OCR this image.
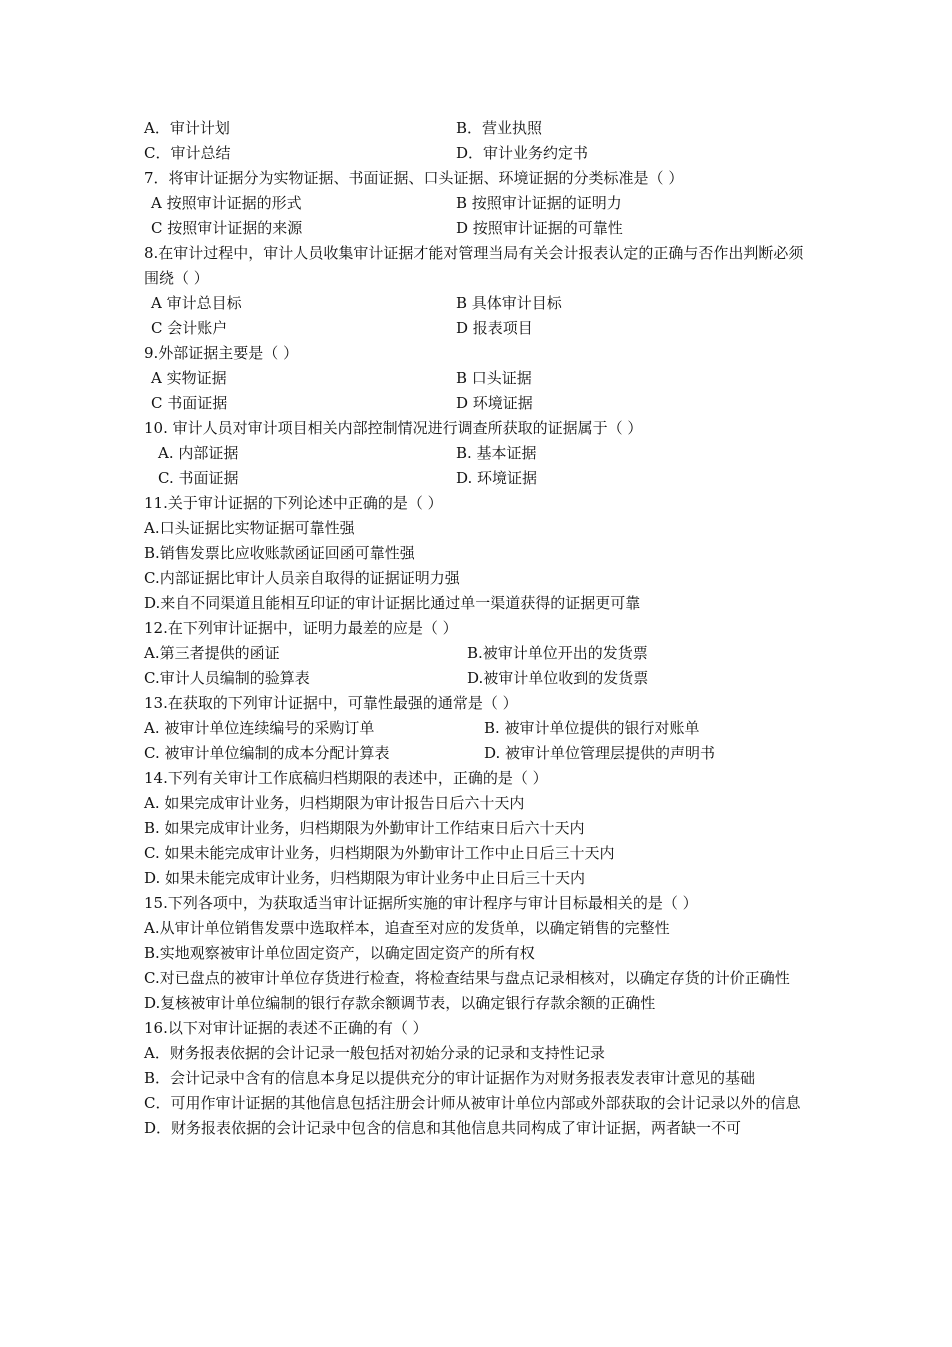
A．审计计划	B．营业执照
C．审计总结	D．审计业务约定书
7．将审计证据分为实物证据、书面证据、口头证据、环境证据的分类标准是（ ）
A 按照审计证据的形式	B 按照审计证据的证明力
C 按照审计证据的来源	D 按照审计证据的可靠性
8.在审计过程中，审计人员收集审计证据才能对管理当局有关会计报表认定的正确与否作出判断必须围绕（ ）
A 审计总目标	B 具体审计目标
C 会计账户	D 报表项目
9.外部证据主要是（ ）
A 实物证据	B 口头证据
C 书面证据	D 环境证据
10. 审计人员对审计项目相关内部控制情况进行调查所获取的证据属于（ ）
A. 内部证据	B. 基本证据
C. 书面证据	D. 环境证据
11.关于审计证据的下列论述中正确的是（ ）
A.口头证据比实物证据可靠性强
B.销售发票比应收账款函证回函可靠性强
C.内部证据比审计人员亲自取得的证据证明力强
D.来自不同渠道且能相互印证的审计证据比通过单一渠道获得的证据更可靠
12.在下列审计证据中，证明力最差的应是（ ）
A.第三者提供的函证	B.被审计单位开出的发货票
C.审计人员编制的验算表	D.被审计单位收到的发货票
13.在获取的下列审计证据中，可靠性最强的通常是（ ）
A. 被审计单位连续编号的采购订单	B. 被审计单位提供的银行对账单
C. 被审计单位编制的成本分配计算表	D. 被审计单位管理层提供的声明书
14.下列有关审计工作底稿归档期限的表述中，正确的是（ ）
A. 如果完成审计业务，归档期限为审计报告日后六十天内
B. 如果完成审计业务，归档期限为外勤审计工作结束日后六十天内
C. 如果未能完成审计业务，归档期限为外勤审计工作中止日后三十天内
D. 如果未能完成审计业务，归档期限为审计业务中止日后三十天内
15.下列各项中，为获取适当审计证据所实施的审计程序与审计目标最相关的是（ ）
A.从审计单位销售发票中选取样本，追查至对应的发货单，以确定销售的完整性
B.实地观察被审计单位固定资产，以确定固定资产的所有权
C.对已盘点的被审计单位存货进行检查，将检查结果与盘点记录相核对，以确定存货的计价正确性
D.复核被审计单位编制的银行存款余额调节表，以确定银行存款余额的正确性
16.以下对审计证据的表述不正确的有（ ）
A．财务报表依据的会计记录一般包括对初始分录的记录和支持性记录
B．会计记录中含有的信息本身足以提供充分的审计证据作为对财务报表发表审计意见的基础
C．可用作审计证据的其他信息包括注册会计师从被审计单位内部或外部获取的会计记录以外的信息
D．财务报表依据的会计记录中包含的信息和其他信息共同构成了审计证据，两者缺一不可
